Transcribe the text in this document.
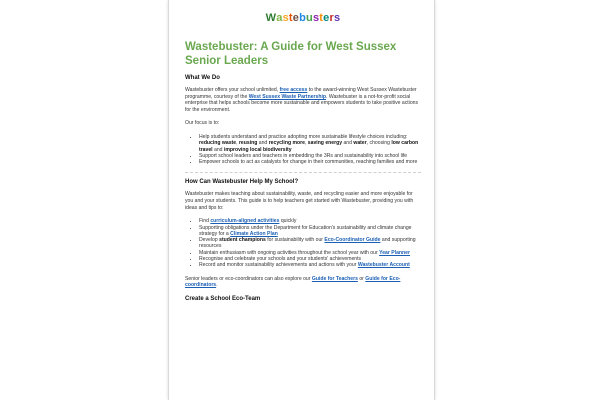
W a s t e b u s t e r s
Wastebuster: A Guide for West Sussex Senior Leaders
What We Do

Wastebuster offers your school unlimited, free access to the award-winning West Sussex Wastebuster programme, courtesy of the West Sussex Waste Partnership. Wastebuster is a not-for-profit social enterprise that helps schools become more sustainable and empowers students to take positive actions for the environment.

Our focus is to:

• Help students understand and practice adopting more sustainable lifestyle choices including: reducing waste, reusing and recycling more, saving energy and water, choosing low carbon travel and improving local biodiversity
• Support school leaders and teachers in embedding the 3Rs and sustainability into school life
• Empower schools to act as catalysts for change in their communities, reaching families and more
How Can Wastebuster Help My School?

Wastebuster makes teaching about sustainability, waste, and recycling easier and more enjoyable for you and your students. This guide is to help teachers get started with Wastebuster, providing you with ideas and tips to:

• Find curriculum-aligned activities quickly
• Supporting obligations under the Department for Education's sustainability and climate change strategy for a Climate Action Plan
• Develop student champions for sustainability with our Eco-Coordinator Guide and supporting resources
• Maintain enthusiasm with ongoing activities throughout the school year with our Year Planner
• Recognise and celebrate your schools and your students' achievements
• Record and monitor sustainability achievements and actions with your Wastebuster Account

Senior leaders or eco-coordinators can also explore our Guide for Teachers or Guide for Eco-coordinators.

Create a School Eco-Team
